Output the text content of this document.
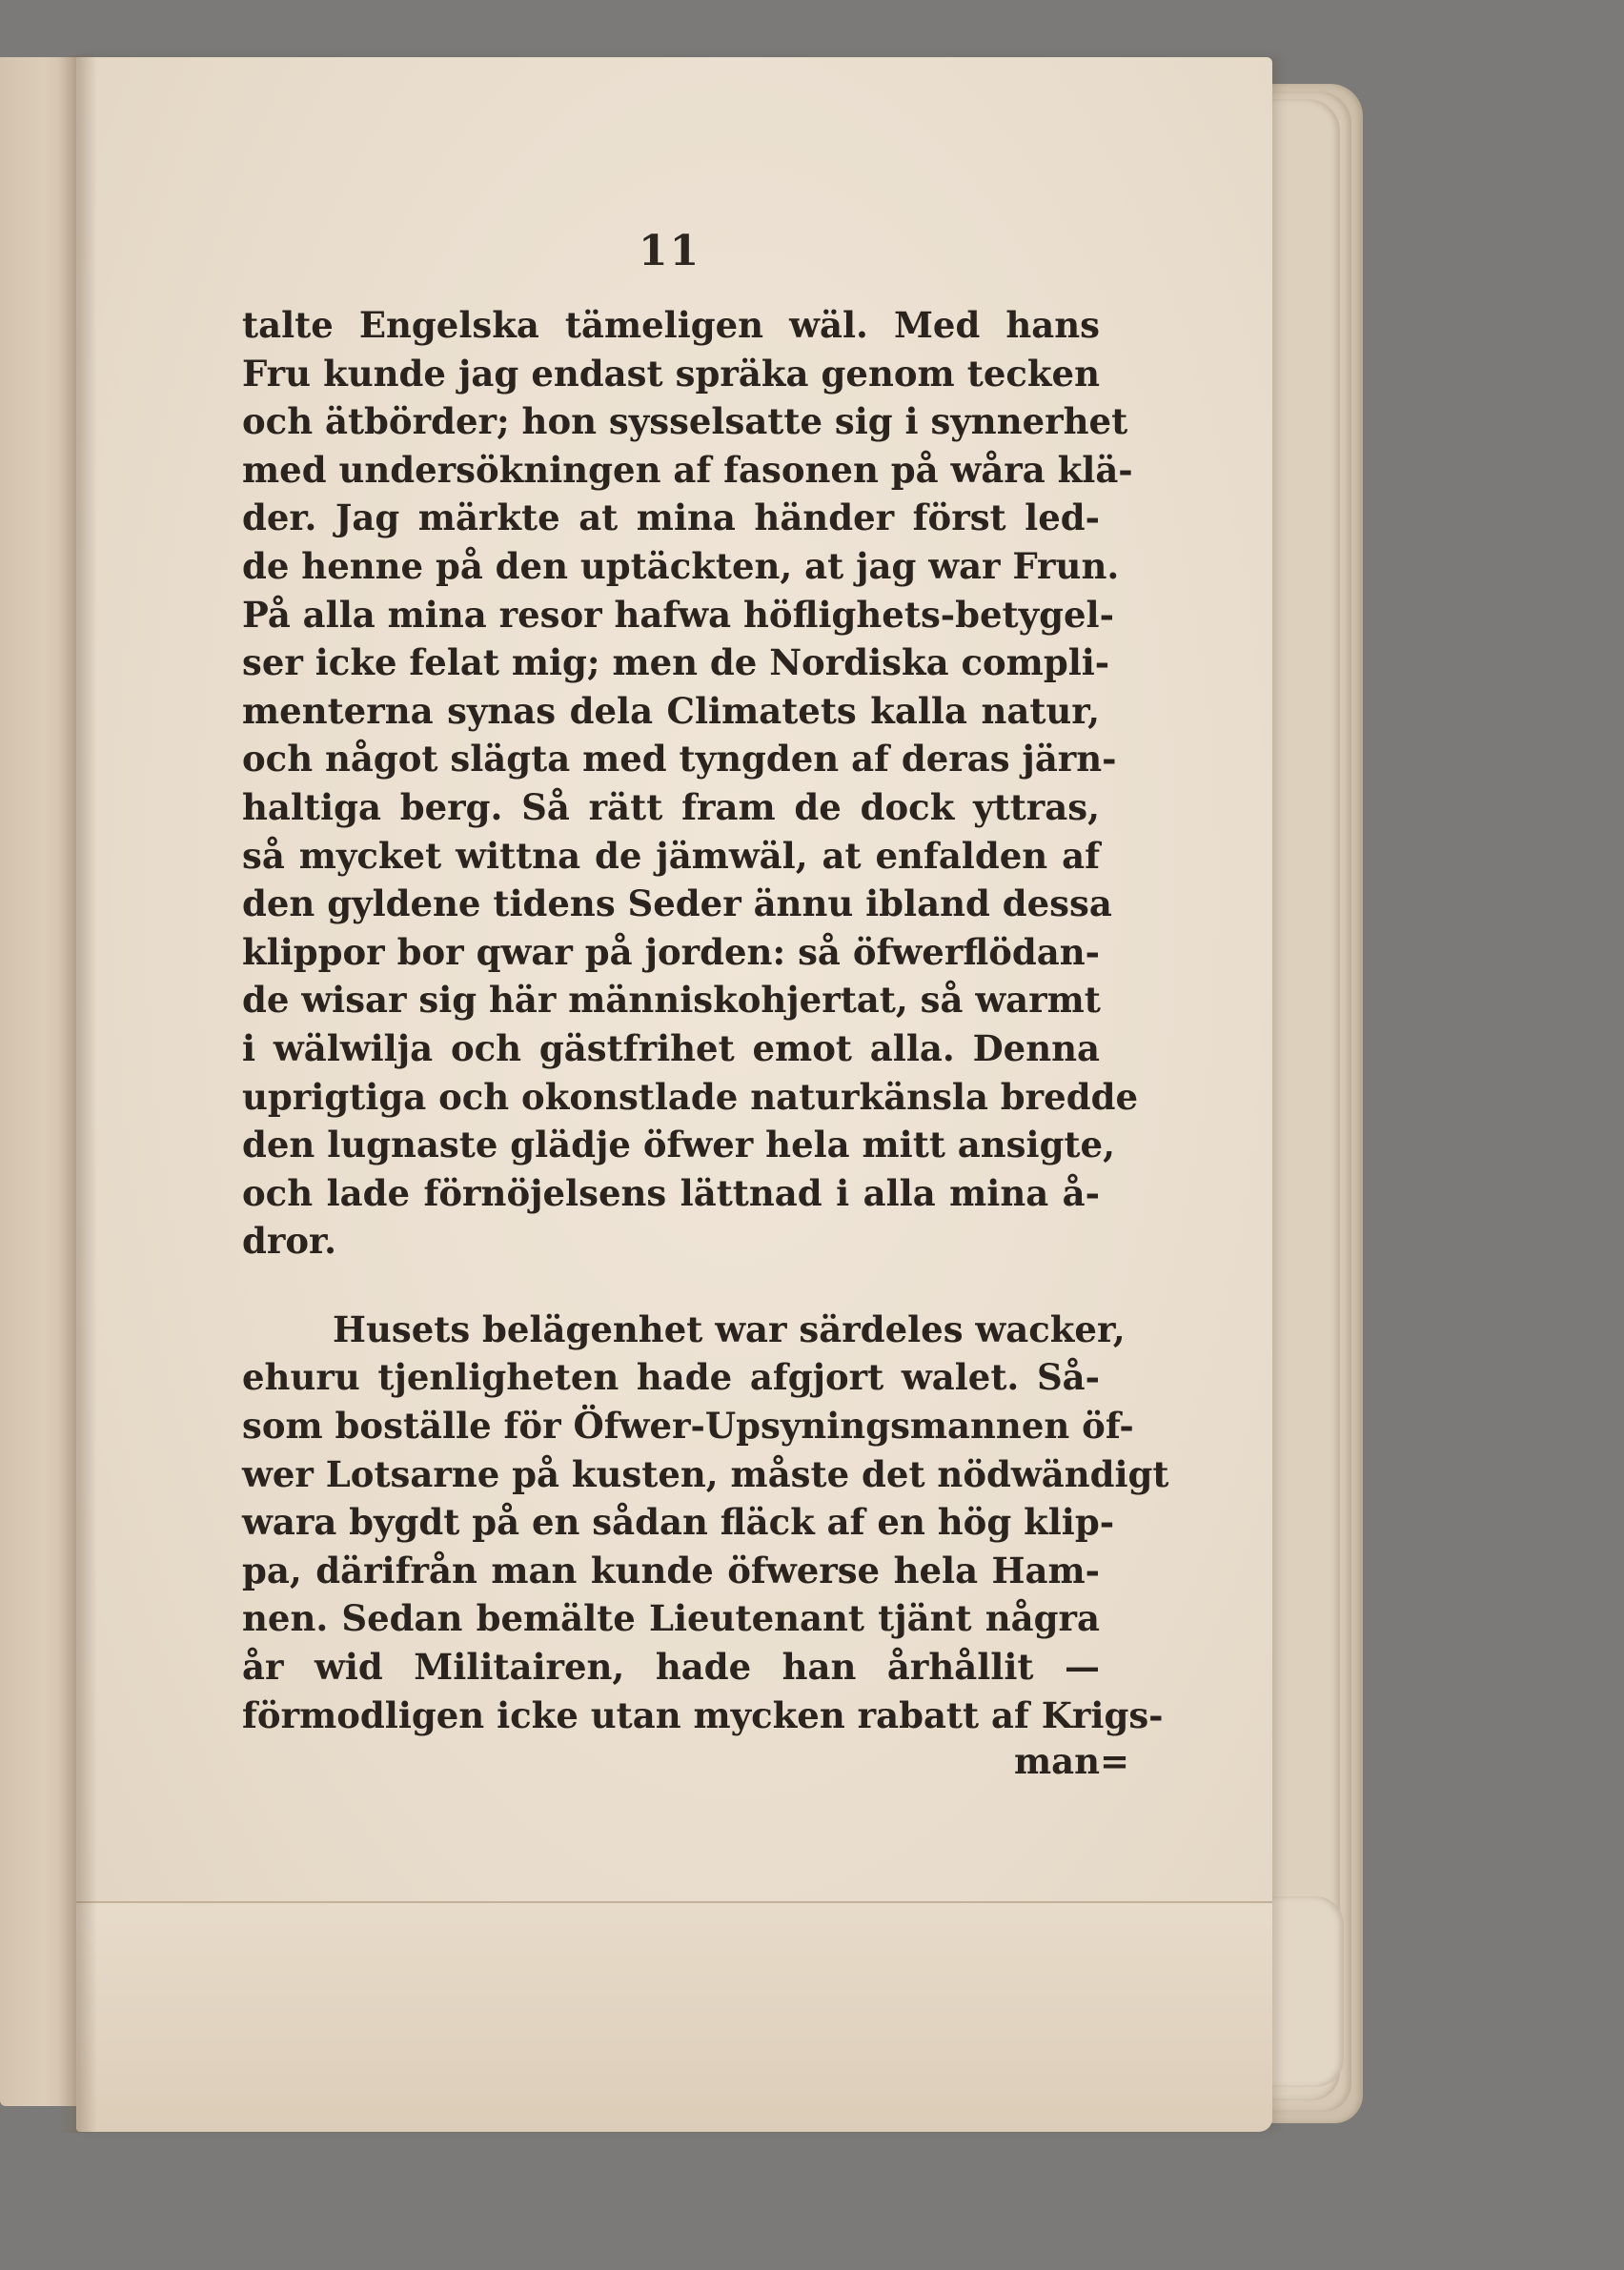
11
talte Engelska tämeligen wäl. Med hans
Fru kunde jag endast spräka genom tecken
och ätbörder; hon sysselsatte sig i synnerhet
med undersökningen af fasonen på wåra klä-
der. Jag märkte at mina händer först led-
de henne på den uptäckten, at jag war Frun.
På alla mina resor hafwa höflighets-betygel-
ser icke felat mig; men de Nordiska compli-
menterna synas dela Climatets kalla natur,
och något slägta med tyngden af deras järn-
haltiga berg. Så rätt fram de dock yttras,
så mycket wittna de jämwäl, at enfalden af
den gyldene tidens Seder ännu ibland dessa
klippor bor qwar på jorden: så öfwerflödan-
de wisar sig här människohjertat, så warmt
i wälwilja och gästfrihet emot alla. Denna
uprigtiga och okonstlade naturkänsla bredde
den lugnaste glädje öfwer hela mitt ansigte,
och lade förnöjelsens lättnad i alla mina å-
dror.
Husets belägenhet war särdeles wacker,
ehuru tjenligheten hade afgjort walet. Så-
som boställe för Öfwer-Upsyningsmannen öf-
wer Lotsarne på kusten, måste det nödwändigt
wara bygdt på en sådan fläck af en hög klip-
pa, därifrån man kunde öfwerse hela Ham-
nen. Sedan bemälte Lieutenant tjänt några
år wid Militairen, hade han århållit —
förmodligen icke utan mycken rabatt af Krigs-
man=
